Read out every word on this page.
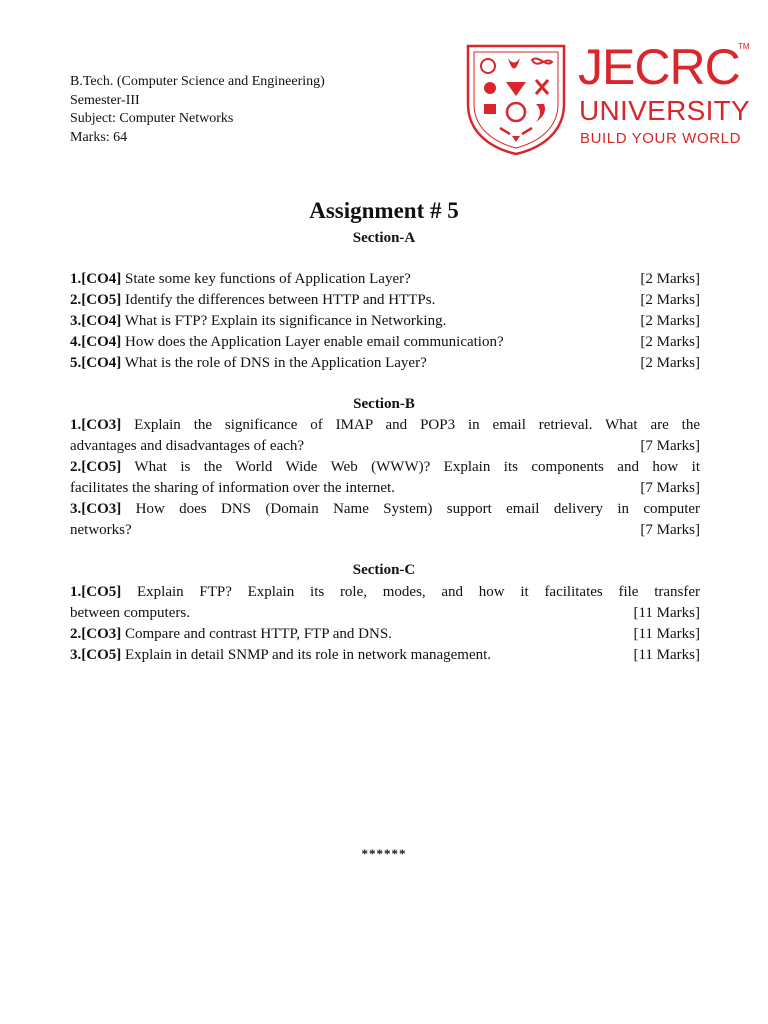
B.Tech. (Computer Science and Engineering)
Semester-III
Subject: Computer Networks
Marks: 64
JECRC
TM
UNIVERSITY
BUILD YOUR WORLD
Assignment # 5
Section-A
1.[CO4] State some key functions of Application Layer?	[2 Marks]
2.[CO5] Identify the differences between HTTP and HTTPs.	[2 Marks]
3.[CO4] What is FTP? Explain its significance in Networking.	[2 Marks]
4.[CO4] How does the Application Layer enable email communication?	[2 Marks]
5.[CO4] What is the role of DNS in the Application Layer?	[2 Marks]
Section-B
1.[CO3] Explain the significance of IMAP and POP3 in email retrieval. What are the
advantages and disadvantages of each?	[7 Marks]
2.[CO5] What is the World Wide Web (WWW)? Explain its components and how it
facilitates the sharing of information over the internet.	[7 Marks]
3.[CO3] How does DNS (Domain Name System) support email delivery in computer
networks?	[7 Marks]
Section-C
1.[CO5] Explain FTP? Explain its role, modes, and how it facilitates file transfer
between computers.	[11 Marks]
2.[CO3] Compare and contrast HTTP, FTP and DNS.	[11 Marks]
3.[CO5] Explain in detail SNMP and its role in network management.	[11 Marks]
******
